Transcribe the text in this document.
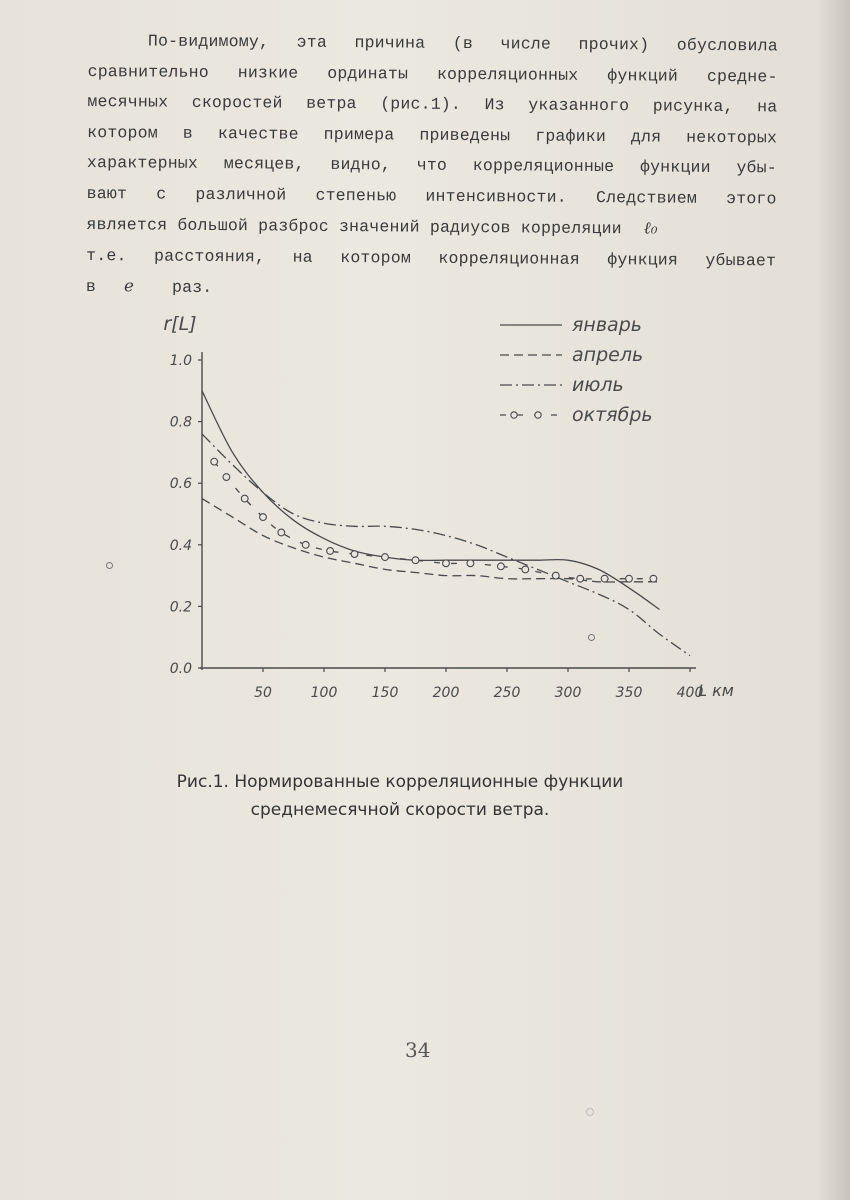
По-видимому, эта причина (в числе прочих) обусловила
сравнительно низкие ординаты корреляционных функций средне-
месячных скоростей ветра (рис.1). Из указанного рисунка, на
котором в качестве примера приведены графики для некоторых
характерных месяцев, видно, что корреляционные функции убы-
вают с различной степенью интенсивности. Следствием этого
является большой разброс значений радиусов корреляции ℓ₀
т.е. расстояния, на котором корреляционная функция убывает
в e раз.
0.0
0.2
0.4
0.6
0.8
1.0
50	100 150 200 250 300 350 400
r[L]
L км
январь
апрель
июль
октябрь
Рис.1. Нормированные корреляционные функции
среднемесячной скорости ветра.
34
